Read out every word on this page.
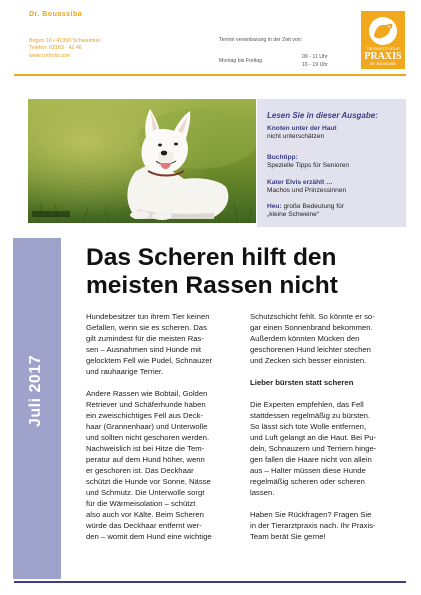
Dr. Bouassiba
Birgen 10 • 41366 Schwalmtal
Telefon: 02163 - 42 46
www.cothold.com
Termin vereinbarung in der Zeit von:
Montag bis Freitag
09 - 11 Uhr
16 - 19 Uhr
TIERÄRZTLICHE
PRAXIS
DR. BOUASSIBA
Lesen Sie in dieser Ausgabe:
Knoten unter der Haut
nicht unterschätzen
Buchtipp:
Spezielle Tipps für Senioren
Kater Elvis erzählt …
Machos und Prinzessinnen
Heu: große Bedeutung für
„kleine Schweine“
Juli 2017
Das Scheren hilft den
meisten Rassen nicht

Hundebesitzer tun ihrem Tier keinen
Gefallen, wenn sie es scheren. Das
gilt zumindest für die meisten Ras-
sen – Ausnahmen sind Hunde mit
gelocktem Fell wie Pudel, Schnauzer
und rauhaarige Terrier.

Andere Rassen wie Bobtail, Golden
Retriever und Schäferhunde haben
ein zweischichtiges Fell aus Deck-
haar (Grannenhaar) und Unterwolle
und sollten nicht geschoren werden.
Nachweislich ist bei Hitze die Tem-
peratur auf dem Hund höher, wenn
er geschoren ist. Das Deckhaar
schützt die Hunde vor Sonne, Nässe
und Schmutz. Die Unterwolle sorgt
für die Wärmeisolation – schützt
also auch vor Kälte. Beim Scheren
würde das Deckhaar entfernt wer-
den – womit dem Hund eine wichtige

Schutzschicht fehlt. So könnte er so-
gar einen Sonnenbrand bekommen.
Außerdem könnten Mücken den
geschorenen Hund leichter stechen
und Zecken sich besser einnisten.

Lieber bürsten statt scheren

Die Experten empfehlen, das Fell
stattdessen regelmäßig zu bürsten.
So lässt sich tote Wolle entfernen,
und Luft gelangt an die Haut. Bei Pu-
deln, Schnauzern und Terriern hinge-
gen fallen die Haare nicht von allein
aus – Halter müssen diese Hunde
regelmäßig scheren oder scheren
lassen.

Haben Sie Rückfragen? Fragen Sie
in der Tierarztpraxis nach. Ihr Praxis-
Team berät Sie gerne!
